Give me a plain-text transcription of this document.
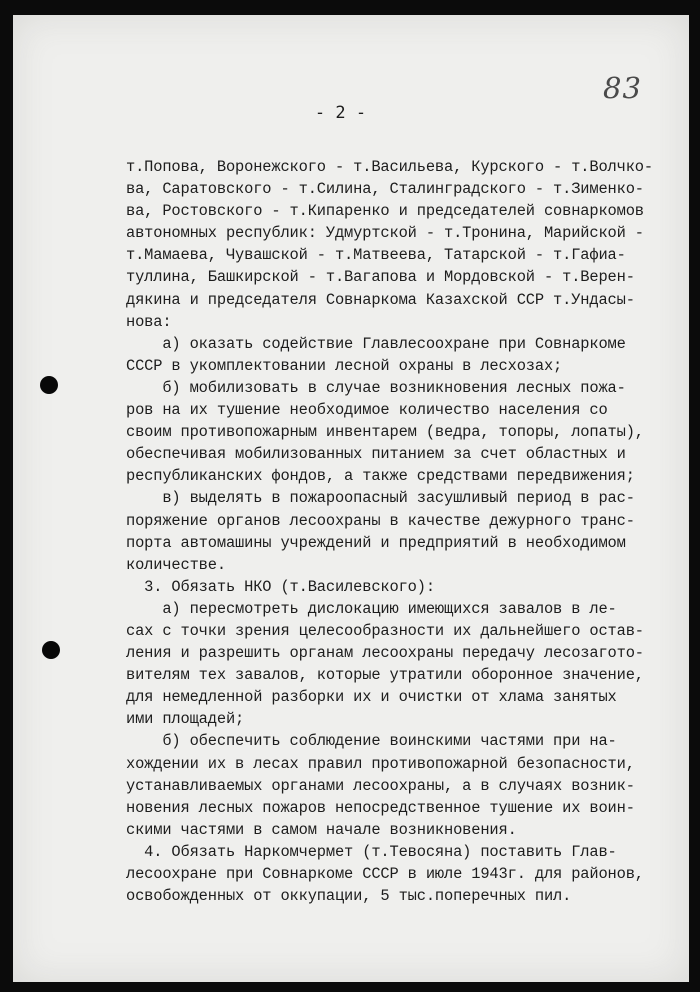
83
- 2 -
т.Попова, Воронежского - т.Васильева, Курского - т.Волчко-
ва, Саратовского - т.Силина, Сталинградского - т.Зименко-
ва, Ростовского - т.Кипаренко и председателей совнаркомов
автономных республик: Удмуртской - т.Тронина, Марийской -
т.Мамаева, Чувашской - т.Матвеева, Татарской - т.Гафиа-
туллина, Башкирской - т.Вагапова и Мордовской - т.Верен-
дякина и председателя Совнаркома Казахской ССР т.Ундасы-
нова:
а) оказать содействие Главлесоохране при Совнаркоме
СССР в укомплектовании лесной охраны в лесхозах;
б) мобилизовать в случае возникновения лесных пожа-
ров на их тушение необходимое количество населения со
своим противопожарным инвентарем (ведра, топоры, лопаты),
обеспечивая мобилизованных питанием за счет областных и
республиканских фондов, а также средствами передвижения;
в) выделять в пожароопасный засушливый период в рас-
поряжение органов лесоохраны в качестве дежурного транс-
порта автомашины учреждений и предприятий в необходимом
количестве.
3. Обязать НКО (т.Василевского):
а) пересмотреть дислокацию имеющихся завалов в ле-
сах с точки зрения целесообразности их дальнейшего остав-
ления и разрешить органам лесоохраны передачу лесозагото-
вителям тех завалов, которые утратили оборонное значение,
для немедленной разборки их и очистки от хлама занятых
ими площадей;
б) обеспечить соблюдение воинскими частями при на-
хождении их в лесах правил противопожарной безопасности,
устанавливаемых органами лесоохраны, а в случаях возник-
новения лесных пожаров непосредственное тушение их воин-
скими частями в самом начале возникновения.
4. Обязать Наркомчермет (т.Тевосяна) поставить Глав-
лесоохране при Совнаркоме СССР в июле 1943г. для районов,
освобожденных от оккупации, 5 тыс.поперечных пил.
